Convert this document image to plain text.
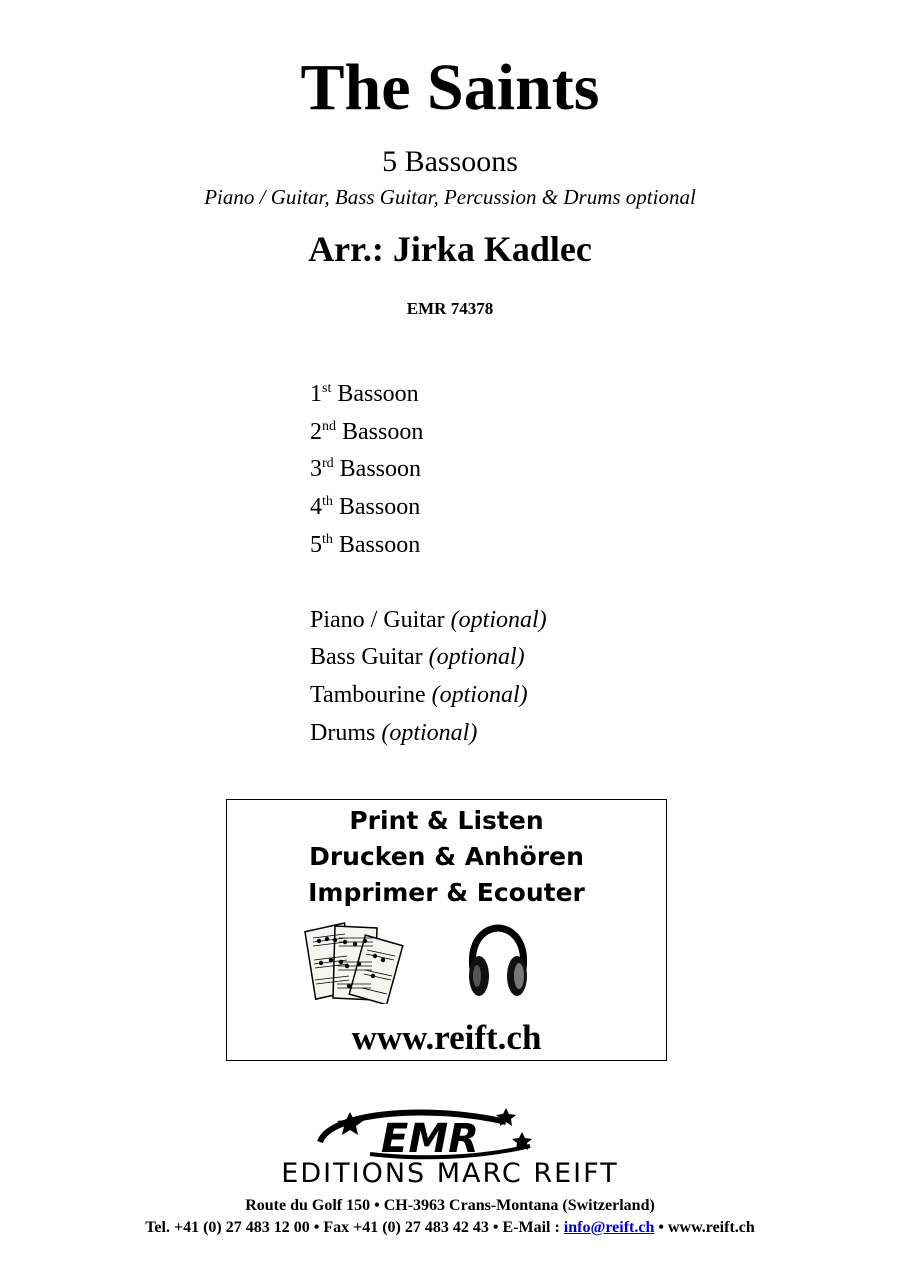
The Saints
5 Bassoons
Piano / Guitar, Bass Guitar, Percussion & Drums optional
Arr.: Jirka Kadlec
EMR 74378
1st Bassoon
2nd Bassoon
3rd Bassoon
4th Bassoon
5th Bassoon
Piano / Guitar (optional)
Bass Guitar (optional)
Tambourine (optional)
Drums (optional)
Print & Listen
Drucken & Anhören
Imprimer & Ecouter
www.reift.ch
EMR
EDITIONS MARC REIFT
Route du Golf 150 • CH-3963 Crans-Montana (Switzerland)
Tel. +41 (0) 27 483 12 00 • Fax +41 (0) 27 483 42 43 • E-Mail : info@reift.ch • www.reift.ch
